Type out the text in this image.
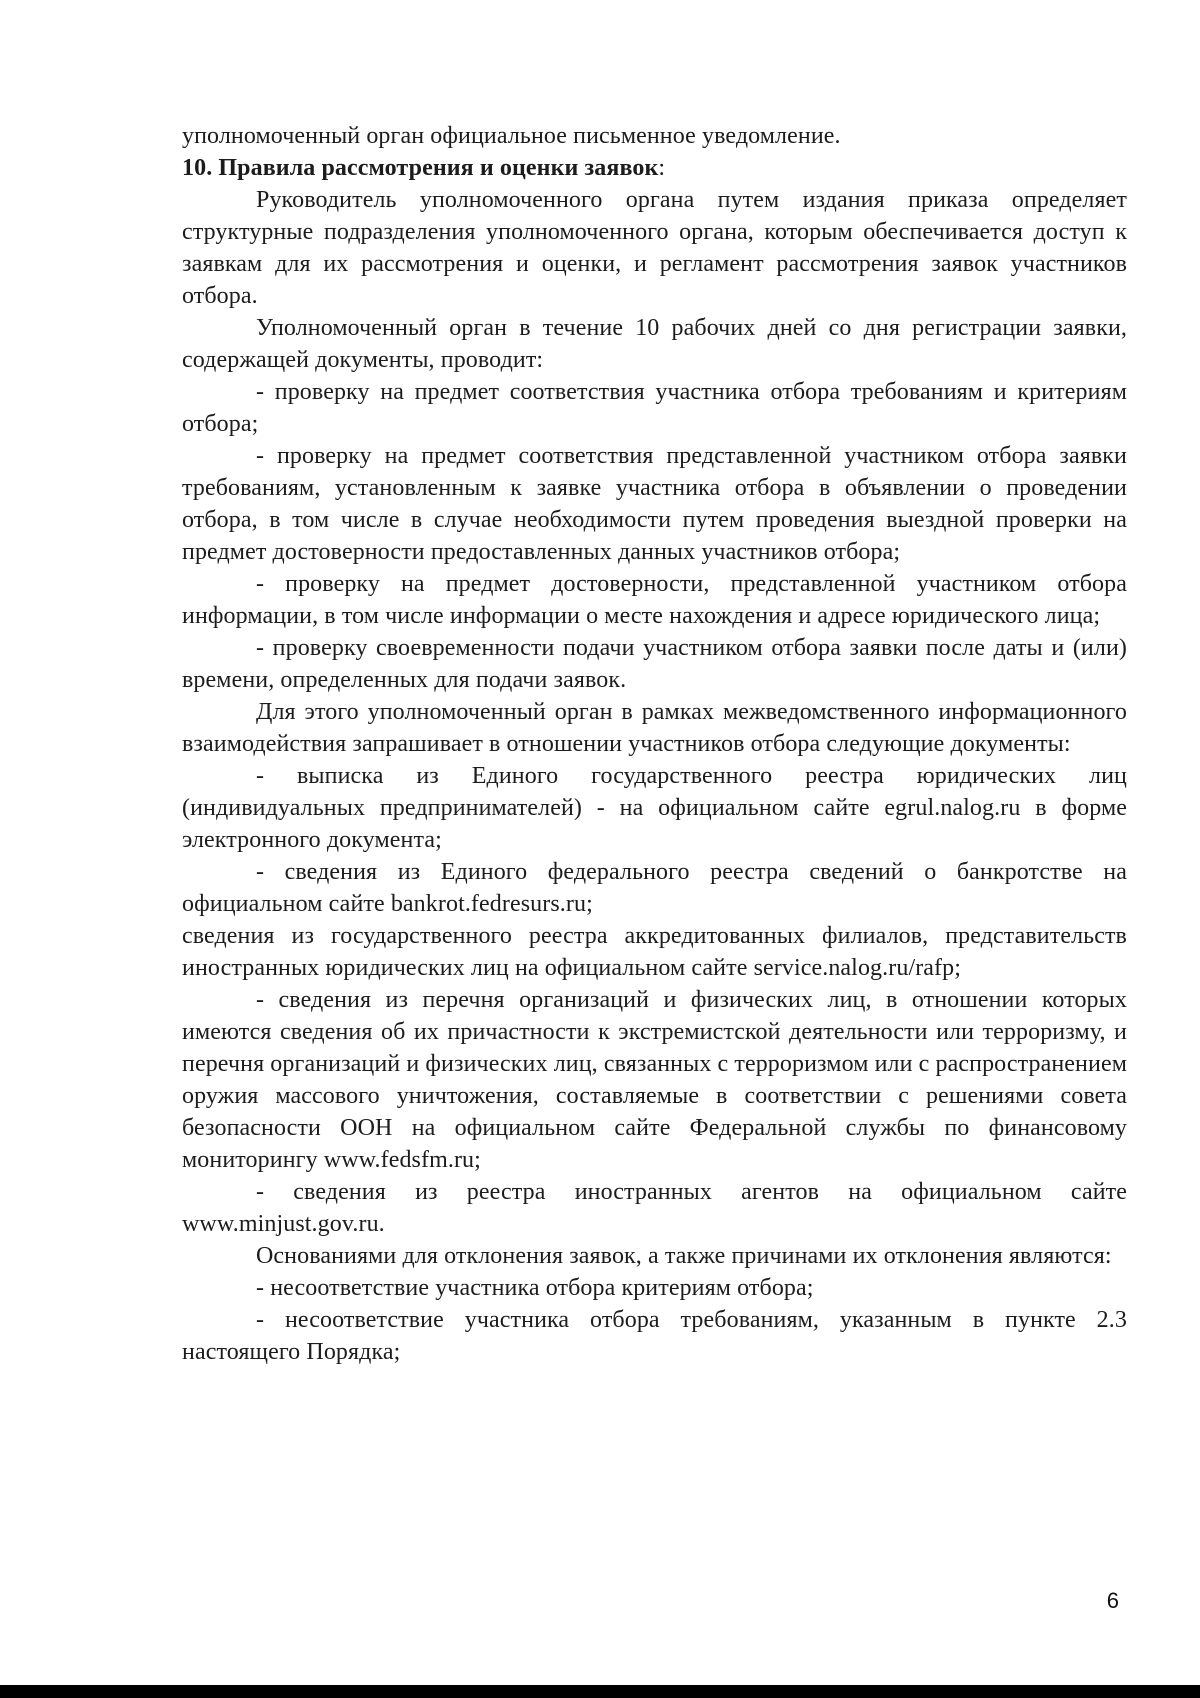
уполномоченный орган официальное письменное уведомление.

10. Правила рассмотрения и оценки заявок:

Руководитель уполномоченного органа путем издания приказа определяет структурные подразделения уполномоченного органа, которым обеспечивается доступ к заявкам для их рассмотрения и оценки, и регламент рассмотрения заявок участников отбора.

Уполномоченный орган в течение 10 рабочих дней со дня регистрации заявки, содержащей документы, проводит:

- проверку на предмет соответствия участника отбора требованиям и критериям отбора;

- проверку на предмет соответствия представленной участником отбора заявки требованиям, установленным к заявке участника отбора в объявлении о проведении отбора, в том числе в случае необходимости путем проведения выездной проверки на предмет достоверности предоставленных данных участников отбора;

- проверку на предмет достоверности, представленной участником отбора информации, в том числе информации о месте нахождения и адресе юридического лица;

- проверку своевременности подачи участником отбора заявки после даты и (или) времени, определенных для подачи заявок.

Для этого уполномоченный орган в рамках межведомственного информационного взаимодействия запрашивает в отношении участников отбора следующие документы:

- выписка из Единого государственного реестра юридических лиц (индивидуальных предпринимателей) - на официальном сайте egrul.nalog.ru в форме электронного документа;

- сведения из Единого федерального реестра сведений о банкротстве на официальном сайте bankrot.fedresurs.ru;

сведения из государственного реестра аккредитованных филиалов, представительств иностранных юридических лиц на официальном сайте service.nalog.ru/rafp;

- сведения из перечня организаций и физических лиц, в отношении которых имеются сведения об их причастности к экстремистской деятельности или терроризму, и перечня организаций и физических лиц, связанных с терроризмом или с распространением оружия массового уничтожения, составляемые в соответствии с решениями совета безопасности ООН на официальном сайте Федеральной службы по финансовому мониторингу www.fedsfm.ru;

- сведения из реестра иностранных агентов на официальном сайте www.minjust.gov.ru.

Основаниями для отклонения заявок, а также причинами их отклонения являются:

- несоответствие участника отбора критериям отбора;

- несоответствие участника отбора требованиям, указанным в пункте 2.3 настоящего Порядка;

6
